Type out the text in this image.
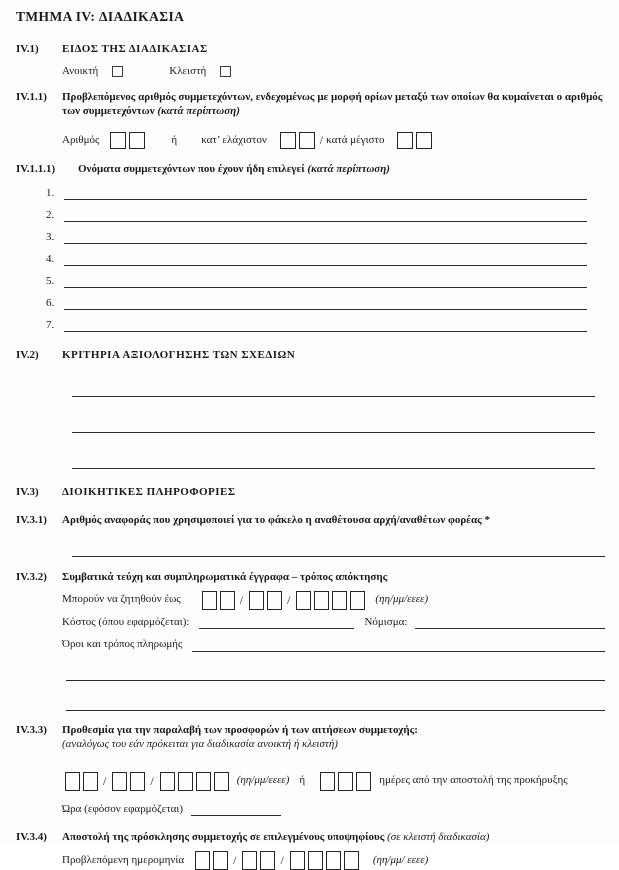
ΤΜΗΜΑ IV: ΔΙΑΔΙΚΑΣΙΑ
IV.1)	ΕΙΔΟΣ ΤΗΣ ΔΙΑΔΙΚΑΣΙΑΣ
Ανοικτή	Κλειστή
IV.1.1)	Προβλεπόμενος αριθμός συμμετεχόντων, ενδεχομένως με μορφή ορίων μεταξύ των οποίων θα κυμαίνεται ο αριθμός των συμμετεχόντων (κατά περίπτωση)
Αριθμός	ή κατ’ ελάχιστον	/ κατά μέγιστο
IV.1.1.1)	Ονόματα συμμετεχόντων που έχουν ήδη επιλεγεί (κατά περίπτωση)
1.
2.
3.
4.
5.
6.
7.
IV.2)	ΚΡΙΤΗΡΙΑ ΑΞΙΟΛΟΓΗΣΗΣ ΤΩΝ ΣΧΕΔΙΩΝ
IV.3)	ΔΙΟΙΚΗΤΙΚΕΣ ΠΛΗΡΟΦΟΡΙΕΣ
IV.3.1)	Αριθμός αναφοράς που χρησιμοποιεί για το φάκελο η αναθέτουσα αρχή/αναθέτων φορέας *
IV.3.2)	Συμβατικά τεύχη και συμπληρωματικά έγγραφα – τρόπος απόκτησης
Μπορούν να ζητηθούν έως	/	/	(ηη/μμ/εεεε)
Κόστος (όπου εφαρμόζεται):	Νόμισμα:
Όροι και τρόπος πληρωμής
IV.3.3)	Προθεσμία για την παραλαβή των προσφορών ή των αιτήσεων συμμετοχής:
(αναλόγως του εάν πρόκειται για διαδικασία ανοικτή ή κλειστή)
/	/	(ηη/μμ/εεεε) ή	ημέρες από την αποστολή της προκήρυξης
Ώρα (εφόσον εφαρμόζεται)
IV.3.4)	Αποστολή της πρόσκλησης συμμετοχής σε επιλεγμένους υποψηφίους (σε κλειστή διαδικασία)
Προβλεπόμενη ημερομηνία	/	/	(ηη/μμ/ εεεε)
